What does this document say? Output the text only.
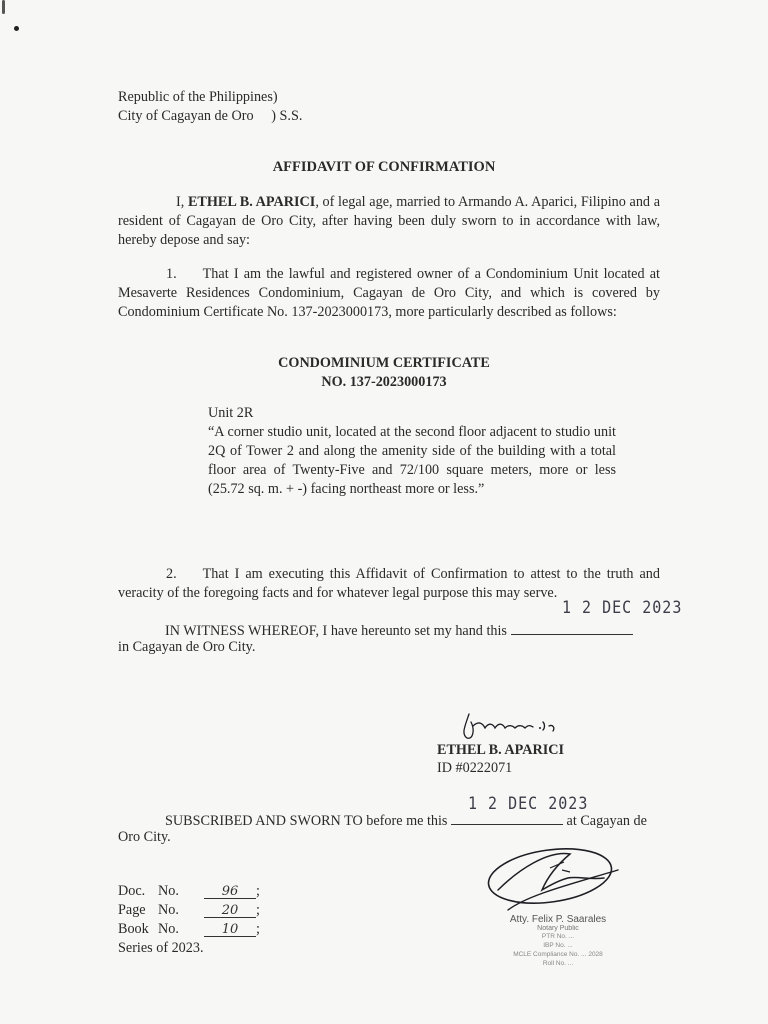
Republic of the Philippines)
City of Cagayan de Oro     ) S.S.
AFFIDAVIT OF CONFIRMATION
I, ETHEL B. APARICI, of legal age, married to Armando A. Aparici, Filipino and a resident of Cagayan de Oro City, after having been duly sworn to in accordance with law, hereby depose and say:
1. That I am the lawful and registered owner of a Condominium Unit located at Mesaverte Residences Condominium, Cagayan de Oro City, and which is covered by Condominium Certificate No. 137-2023000173, more particularly described as follows:
CONDOMINIUM CERTIFICATE
NO. 137-2023000173
Unit 2R
“A corner studio unit, located at the second floor adjacent to studio unit 2Q of Tower 2 and along the amenity side of the building with a total floor area of Twenty-Five and 72/100 square meters, more or less (25.72 sq. m. + -) facing northeast more or less.”
2. That I am executing this Affidavit of Confirmation to attest to the truth and veracity of the foregoing facts and for whatever legal purpose this may serve.
1 2 DEC 2023
IN WITNESS WHEREOF, I have hereunto set my hand this
in Cagayan de Oro City.
ETHEL B. APARICI
ID #0222071
1 2 DEC 2023
SUBSCRIBED AND SWORN TO before me this	at Cagayan de
Oro City.
Doc. No.	96	;
Page No.	20	;
Book No.	10	;
Series of 2023.
Atty. Felix P. Saarales
Notary Public
PTR No. ...
IBP No. ...
MCLE Compliance No. ... 2028
Roll No. ...
